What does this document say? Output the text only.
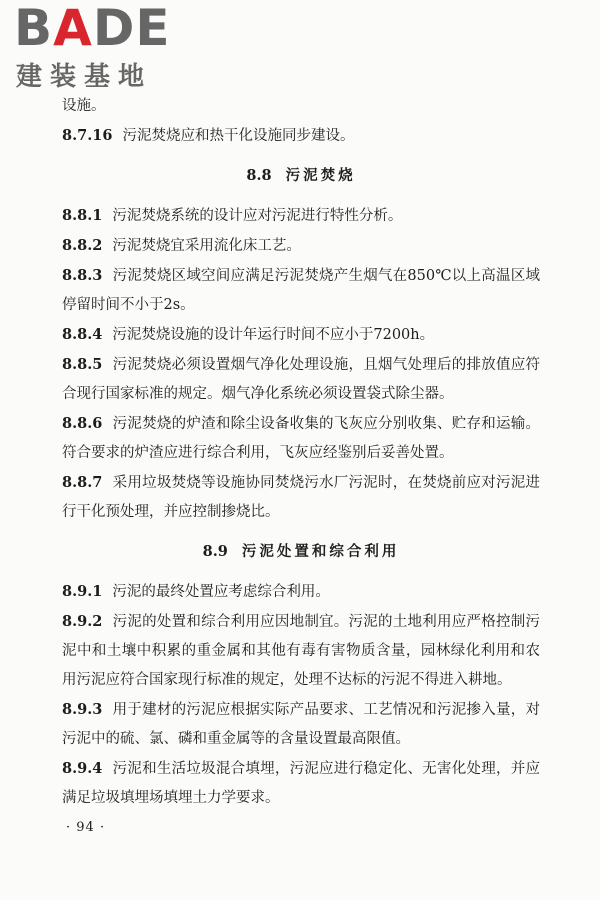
BADE
建装基地
设施。
8.7.16 污泥焚烧应和热干化设施同步建设。
8.8 污泥焚烧
8.8.1 污泥焚烧系统的设计应对污泥进行特性分析。
8.8.2 污泥焚烧宜采用流化床工艺。
8.8.3 污泥焚烧区域空间应满足污泥焚烧产生烟气在850℃以上高温区域停留时间不小于2s。
8.8.4 污泥焚烧设施的设计年运行时间不应小于7200h。
8.8.5 污泥焚烧必须设置烟气净化处理设施，且烟气处理后的排放值应符合现行国家标准的规定。烟气净化系统必须设置袋式除尘器。
8.8.6 污泥焚烧的炉渣和除尘设备收集的飞灰应分别收集、贮存和运输。符合要求的炉渣应进行综合利用，飞灰应经鉴别后妥善处置。
8.8.7 采用垃圾焚烧等设施协同焚烧污水厂污泥时，在焚烧前应对污泥进行干化预处理，并应控制掺烧比。
8.9 污泥处置和综合利用
8.9.1 污泥的最终处置应考虑综合利用。
8.9.2 污泥的处置和综合利用应因地制宜。污泥的土地利用应严格控制污泥中和土壤中积累的重金属和其他有毒有害物质含量，园林绿化利用和农用污泥应符合国家现行标准的规定，处理不达标的污泥不得进入耕地。
8.9.3 用于建材的污泥应根据实际产品要求、工艺情况和污泥掺入量，对污泥中的硫、氯、磷和重金属等的含量设置最高限值。
8.9.4 污泥和生活垃圾混合填埋，污泥应进行稳定化、无害化处理，并应满足垃圾填埋场填埋土力学要求。
· 94 ·
